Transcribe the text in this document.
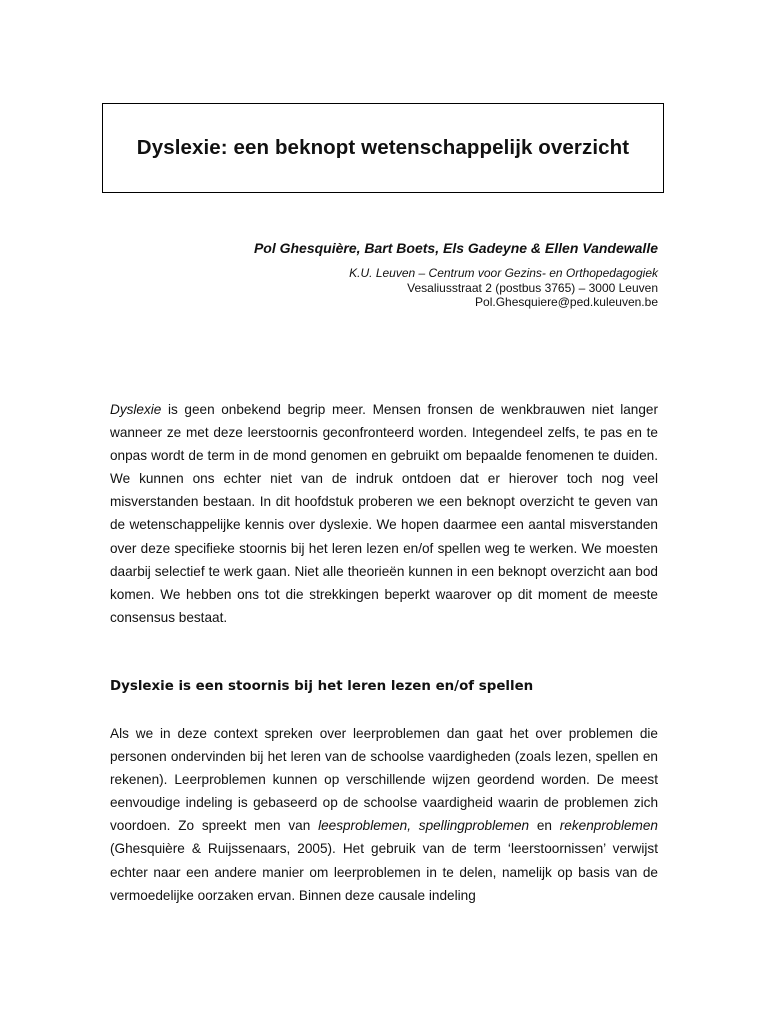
Dyslexie: een beknopt wetenschappelijk overzicht
Pol Ghesquière, Bart Boets, Els Gadeyne & Ellen Vandewalle
K.U. Leuven – Centrum voor Gezins- en Orthopedagogiek
Vesaliusstraat 2 (postbus 3765) – 3000 Leuven
Pol.Ghesquiere@ped.kuleuven.be

Dyslexie is geen onbekend begrip meer. Mensen fronsen de wenkbrauwen niet langer wanneer ze met deze leerstoornis geconfronteerd worden. Integendeel zelfs, te pas en te onpas wordt de term in de mond genomen en gebruikt om bepaalde fenomenen te duiden. We kunnen ons echter niet van de indruk ontdoen dat er hierover toch nog veel misverstanden bestaan. In dit hoofdstuk proberen we een beknopt overzicht te geven van de wetenschappelijke kennis over dyslexie. We hopen daarmee een aantal misverstanden over deze specifieke stoornis bij het leren lezen en/of spellen weg te werken. We moesten daarbij selectief te werk gaan. Niet alle theorieën kunnen in een beknopt overzicht aan bod komen. We hebben ons tot die strekkingen beperkt waarover op dit moment de meeste consensus bestaat.

Dyslexie is een stoornis bij het leren lezen en/of spellen

Als we in deze context spreken over leerproblemen dan gaat het over problemen die personen ondervinden bij het leren van de schoolse vaardigheden (zoals lezen, spellen en rekenen). Leerproblemen kunnen op verschillende wijzen geordend worden. De meest eenvoudige indeling is gebaseerd op de schoolse vaardigheid waarin de problemen zich voordoen. Zo spreekt men van leesproblemen, spellingproblemen en rekenproblemen (Ghesquière & Ruijssenaars, 2005). Het gebruik van de term ‘leerstoornissen’ verwijst echter naar een andere manier om leerproblemen in te delen, namelijk op basis van de vermoedelijke oorzaken ervan. Binnen deze causale indeling
